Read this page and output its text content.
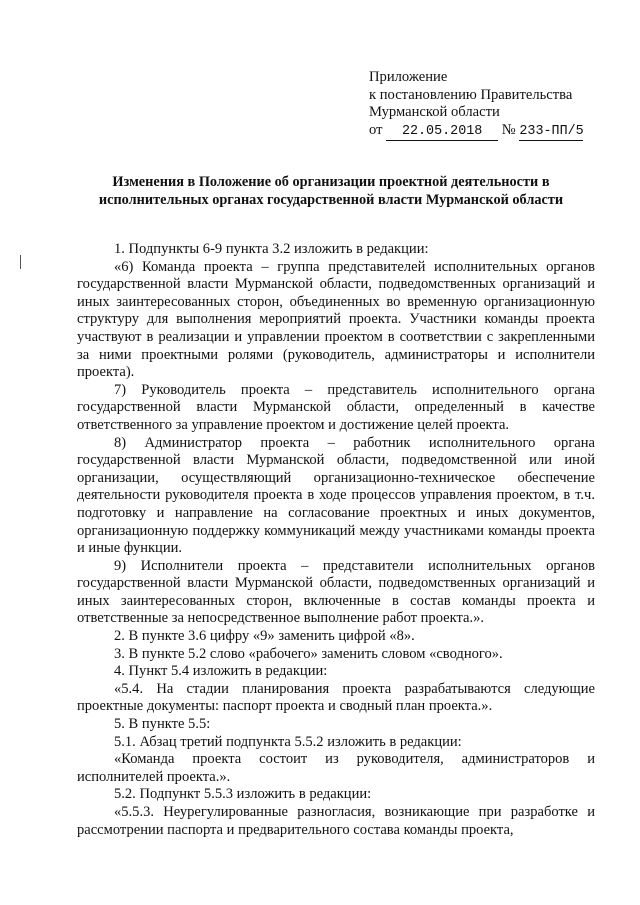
Приложение
к постановлению Правительства
Мурманской области
от 22.05.2018 № 233-ПП/5
Изменения в Положение об организации проектной деятельности в исполнительных органах государственной власти Мурманской области

1. Подпункты 6-9 пункта 3.2 изложить в редакции:

«6) Команда проекта – группа представителей исполнительных органов государственной власти Мурманской области, подведомственных организаций и иных заинтересованных сторон, объединенных во временную организационную структуру для выполнения мероприятий проекта. Участники команды проекта участвуют в реализации и управлении проектом в соответствии с закрепленными за ними проектными ролями (руководитель, администраторы и исполнители проекта).

7) Руководитель проекта – представитель исполнительного органа государственной власти Мурманской области, определенный в качестве ответственного за управление проектом и достижение целей проекта.

8) Администратор проекта – работник исполнительного органа государственной власти Мурманской области, подведомственной или иной организации, осуществляющий организационно-техническое обеспечение деятельности руководителя проекта в ходе процессов управления проектом, в т.ч. подготовку и направление на согласование проектных и иных документов, организационную поддержку коммуникаций между участниками команды проекта и иные функции.

9) Исполнители проекта – представители исполнительных органов государственной власти Мурманской области, подведомственных организаций и иных заинтересованных сторон, включенные в состав команды проекта и ответственные за непосредственное выполнение работ проекта.».

2. В пункте 3.6 цифру «9» заменить цифрой «8».

3. В пункте 5.2 слово «рабочего» заменить словом «сводного».

4. Пункт 5.4 изложить в редакции:

«5.4. На стадии планирования проекта разрабатываются следующие проектные документы: паспорт проекта и сводный план проекта.».

5. В пункте 5.5:

5.1. Абзац третий подпункта 5.5.2 изложить в редакции:

«Команда проекта состоит из руководителя, администраторов и исполнителей проекта.».

5.2. Подпункт 5.5.3 изложить в редакции:

«5.5.3. Неурегулированные разногласия, возникающие при разработке и рассмотрении паспорта и предварительного состава команды проекта,
